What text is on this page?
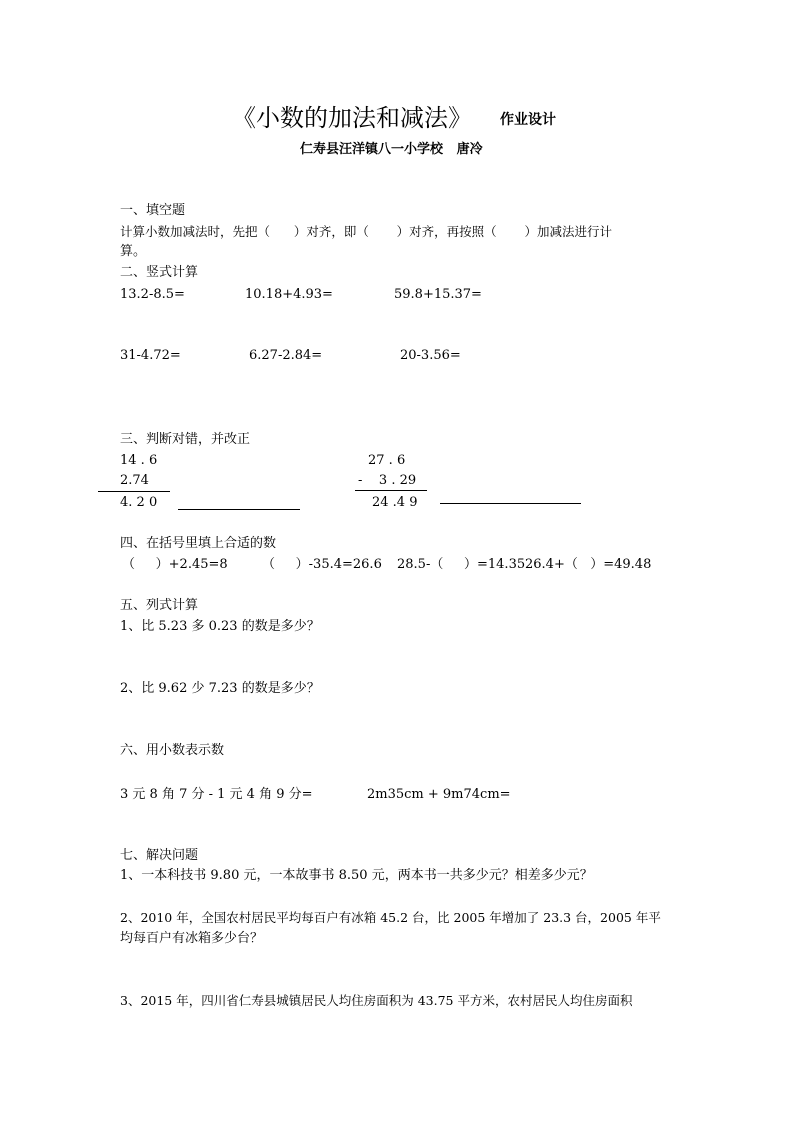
《小数的加法和减法》 作业设计
仁寿县汪洋镇八一小学校   唐冷
一、填空题
计算小数加减法时，先把（      ）对齐，即（       ）对齐，再按照（       ）加减法进行计
算。
二、竖式计算
13.2-8.5=	10.18+4.93=	59.8+15.37=
31-4.72=	6.27-2.84=	20-3.56=
三、判断对错，并改正
14 . 6
2.74
4. 2 0
27 . 6
-    3 . 29
24 .4 9
四、在括号里填上合适的数
（     ）+2.45=8	（     ）-35.4=26.6 28.5-（     ）=14.35 26.4+（   ）=49.48
五、列式计算
1、比 5.23 多 0.23 的数是多少？
2、比 9.62 少 7.23 的数是多少？
六、用小数表示数
3 元 8 角 7 分 - 1 元 4 角 9 分=	2m35cm + 9m74cm=
七、解决问题
1、一本科技书 9.80 元，一本故事书 8.50 元，两本书一共多少元？相差多少元？
2、2010 年，全国农村居民平均每百户有冰箱 45.2 台，比 2005 年增加了 23.3 台，2005 年平
均每百户有冰箱多少台？
3、2015 年，四川省仁寿县城镇居民人均住房面积为 43.75 平方米，农村居民人均住房面积
